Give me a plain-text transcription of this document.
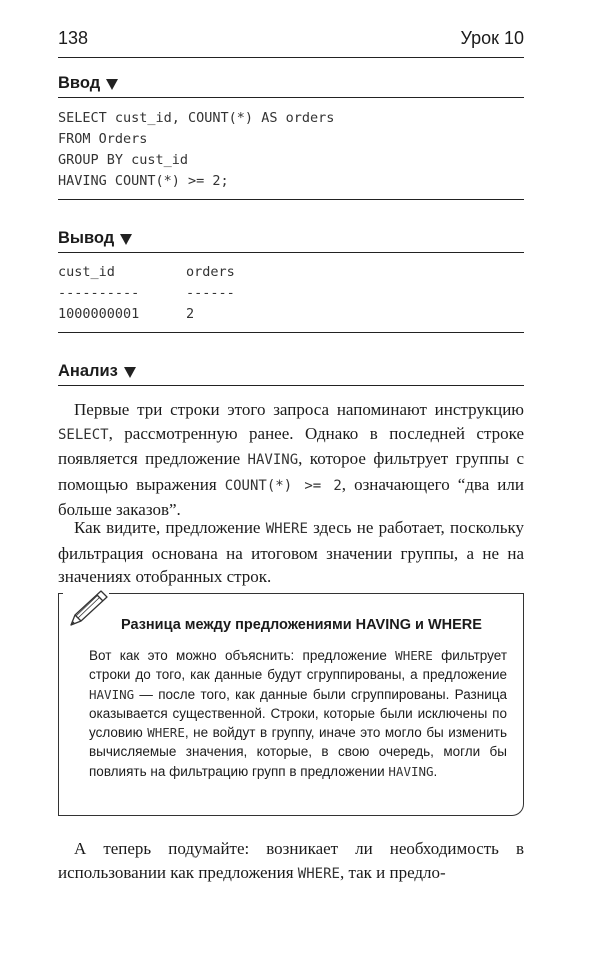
138	Урок 10
Ввод
SELECT cust_id, COUNT(*) AS orders
FROM Orders
GROUP BY cust_id
HAVING COUNT(*) >= 2;
Вывод
cust_id	orders
----------	------
1000000001	2
Анализ
Первые три строки этого запроса напоминают инструкцию SELECT, рассмотренную ранее. Однако в последней строке появляется предложение HAVING, которое фильтрует группы с помощью выражения COUNT(*) >= 2, означающего “два или больше заказов”.
Как видите, предложение WHERE здесь не работает, поскольку фильтрация основана на итоговом значении группы, а не на значениях отобранных строк.
Разница между предложениями HAVING и WHERE
Вот как это можно объяснить: предложение WHERE фильтрует строки до того, как данные будут сгруппированы, а предложение HAVING — после того, как данные были сгруппированы. Разница оказывается существенной. Строки, которые были исключены по условию WHERE, не войдут в группу, иначе это могло бы изменить вычисляемые значения, которые, в свою очередь, могли бы повлиять на фильтрацию групп в предложении HAVING.
А теперь подумайте: возникает ли необходимость в использовании как предложения WHERE, так и предло-
